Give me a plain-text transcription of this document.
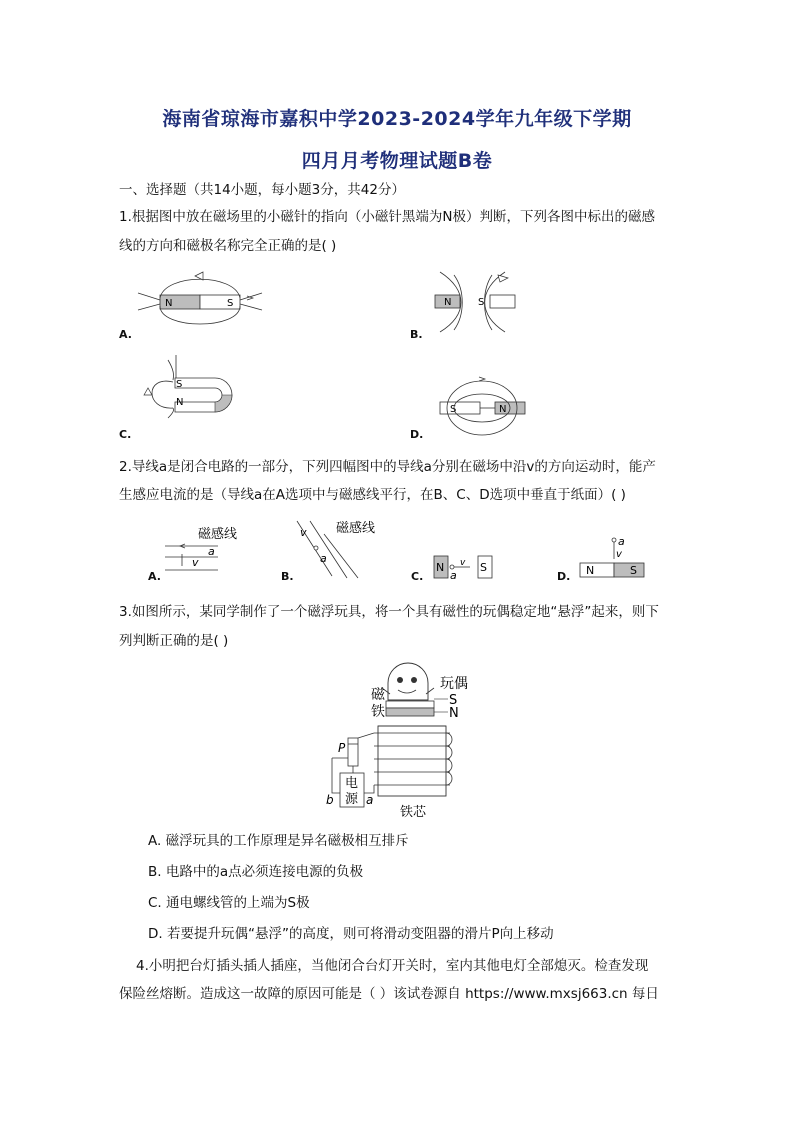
海南省琼海市嘉积中学2023-2024学年九年级下学期
四月月考物理试题B卷
一、选择题（共14小题，每小题3分，共42分）
1.根据图中放在磁场里的小磁针的指向（小磁针黑端为N极）判断，下列各图中标出的磁感
线的方向和磁极名称完全正确的是( )
N	S
A.
N	S
B.
S
N
C.
S	N
D.
2.导线a是闭合电路的一部分，下列四幅图中的导线a分别在磁场中沿v的方向运动时，能产
生感应电流的是（导线a在A选项中与磁感线平行，在B、C、D选项中垂直于纸面）( )
磁感线
a
v
A.
磁感线
v
a
B.
N	S
v
a
C.	N	S
a
v
D.
3.如图所示，某同学制作了一个磁浮玩具，将一个具有磁性的玩偶稳定地“悬浮”起来，则下
列判断正确的是( )
玩偶
S
N
磁
铁
铁芯
P
电
源
b	a
A. 磁浮玩具的工作原理是异名磁极相互排斥
B. 电路中的a点必须连接电源的负极
C. 通电螺线管的上端为S极
D. 若要提升玩偶“悬浮”的高度，则可将滑动变阻器的滑片P向上移动
4.小明把台灯插头插人插座，当他闭合台灯开关时，室内其他电灯全部熄灭。检查发现
保险丝熔断。造成这一故障的原因可能是（ ）该试卷源自 https://www.mxsj663.cn 每日
